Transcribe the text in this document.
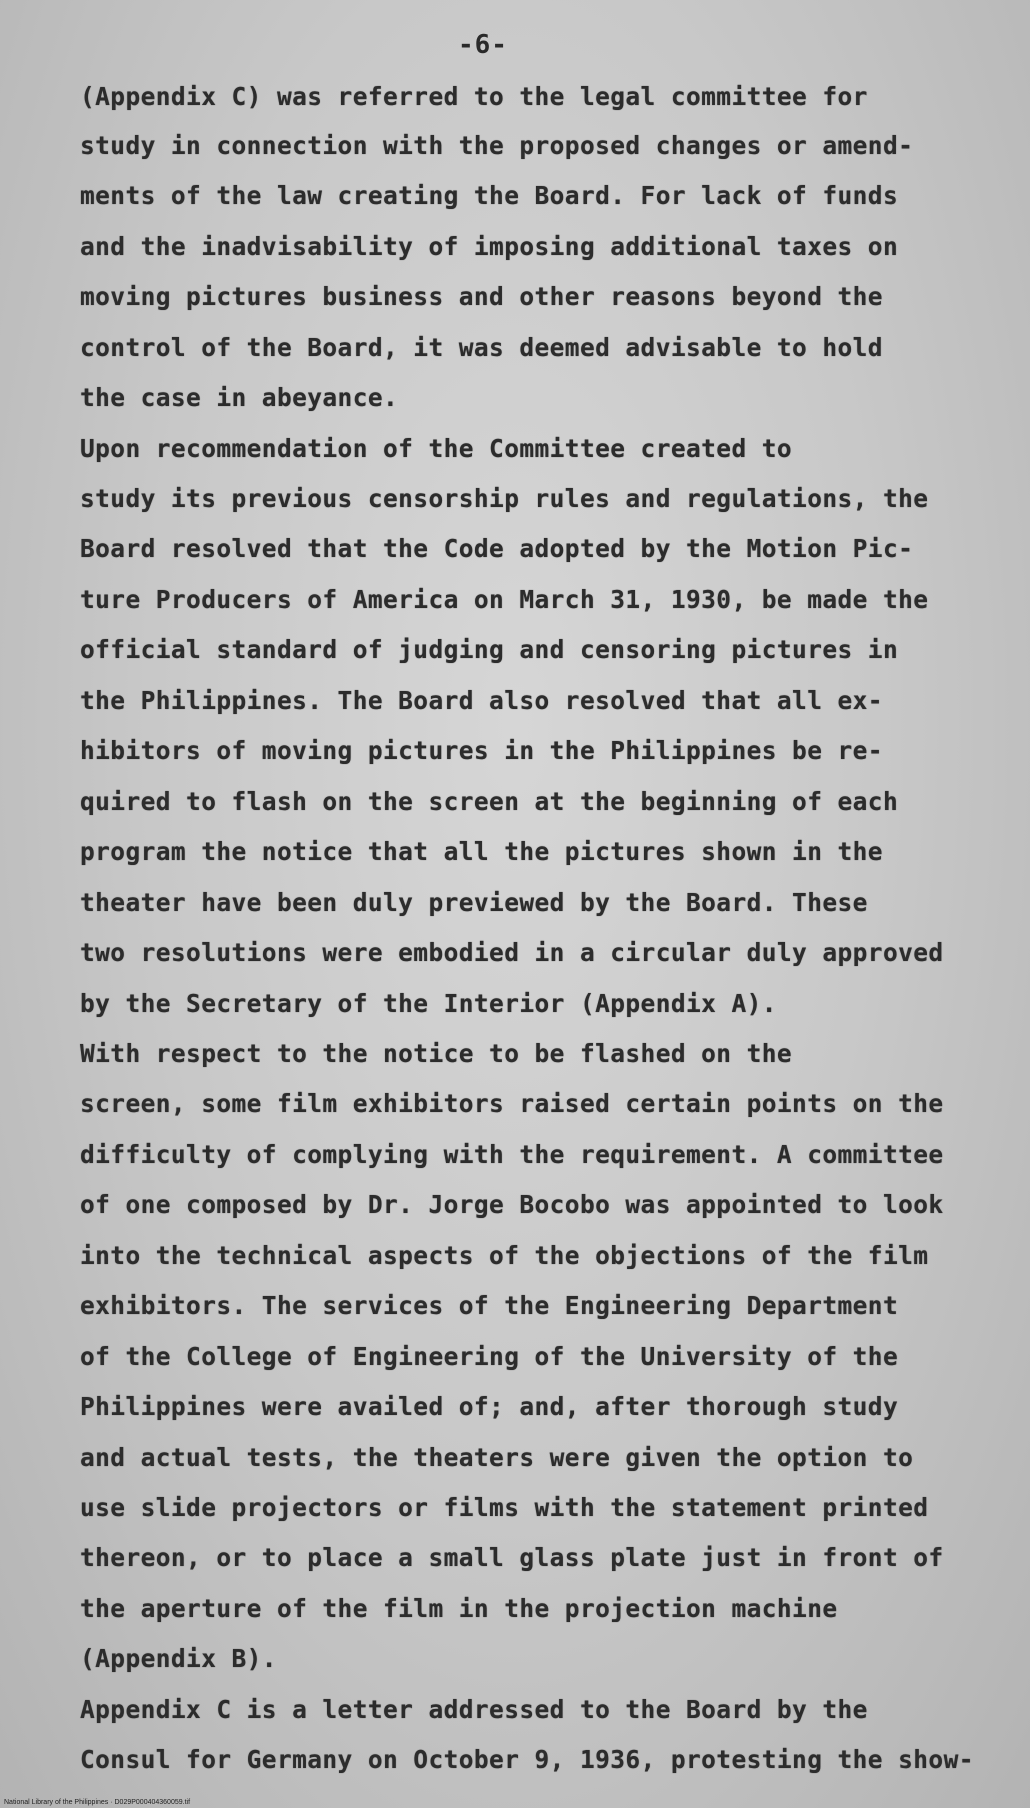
-6-
(Appendix C) was referred to the legal committee for
study in connection with the proposed changes or amend-
ments of the law creating the Board. For lack of funds
and the inadvisability of imposing additional taxes on
moving pictures business and other reasons beyond the
control of the Board, it was deemed advisable to hold
the case in abeyance.
Upon recommendation of the Committee created to
study its previous censorship rules and regulations, the
Board resolved that the Code adopted by the Motion Pic-
ture Producers of America on March 31, 1930, be made the
official standard of judging and censoring pictures in
the Philippines. The Board also resolved that all ex-
hibitors of moving pictures in the Philippines be re-
quired to flash on the screen at the beginning of each
program the notice that all the pictures shown in the
theater have been duly previewed by the Board. These
two resolutions were embodied in a circular duly approved
by the Secretary of the Interior (Appendix A).
With respect to the notice to be flashed on the
screen, some film exhibitors raised certain points on the
difficulty of complying with the requirement. A committee
of one composed by Dr. Jorge Bocobo was appointed to look
into the technical aspects of the objections of the film
exhibitors. The services of the Engineering Department
of the College of Engineering of the University of the
Philippines were availed of; and, after thorough study
and actual tests, the theaters were given the option to
use slide projectors or films with the statement printed
thereon, or to place a small glass plate just in front of
the aperture of the film in the projection machine
(Appendix B).
Appendix C is a letter addressed to the Board by the
Consul for Germany on October 9, 1936, protesting the show-
National Library of the Philippines · D029P000404360059.tif
